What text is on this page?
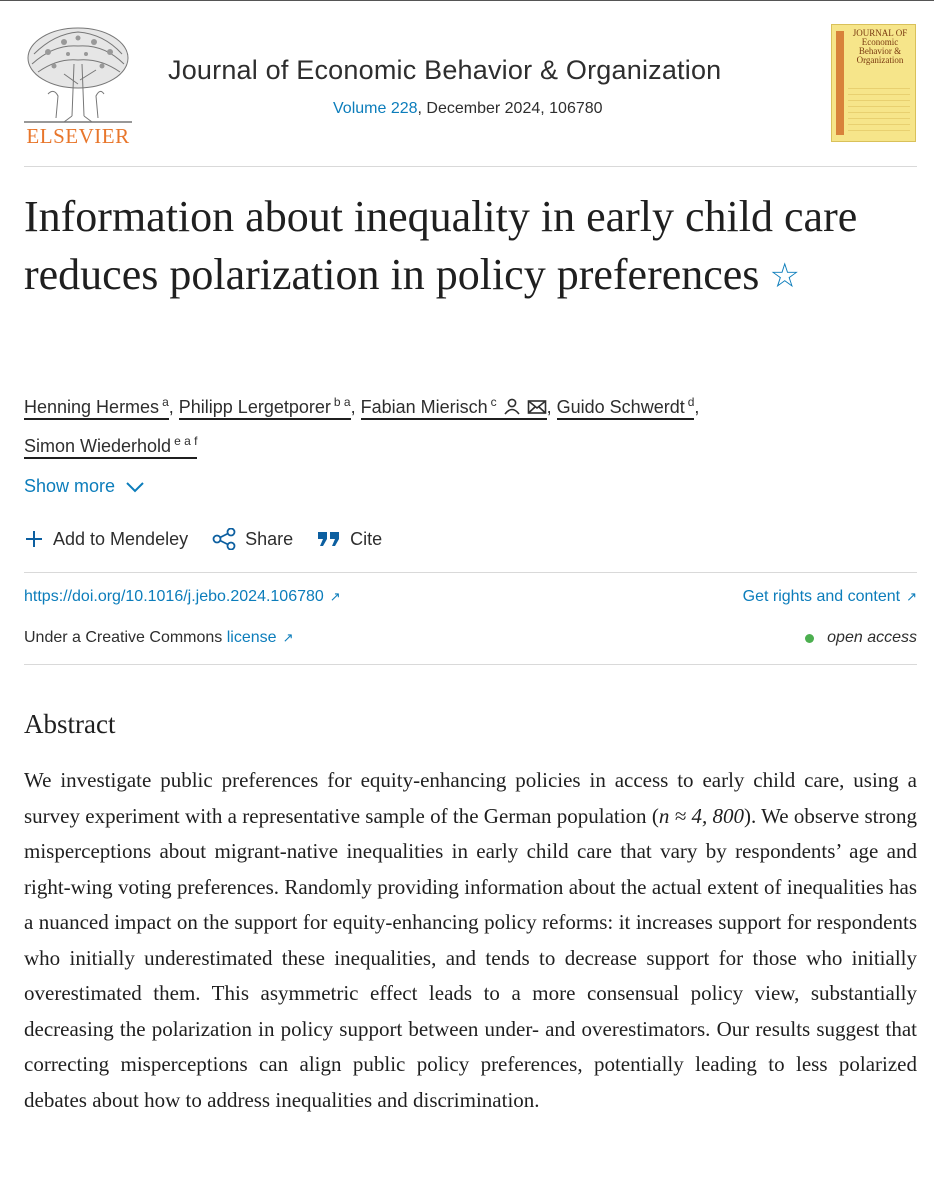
ELSEVIER
Journal of Economic Behavior & Organization
Volume 228, December 2024, 106780
JOURNAL OF Economic Behavior & Organization
Information about inequality in early child care reduces polarization in policy preferences ☆
Henning Hermes $^a$, Philipp Lergetporer $^{b a}$, Fabian Mierisch $^c$	, Guido Schwerdt $^d$,
Simon Wiederhold $^{e a f}$
Show more
Add to Mendeley	Share	Cite
https://doi.org/10.1016/j.jebo.2024.106780 ↗	Get rights and content ↗
Under a Creative Commons license ↗	open access
Abstract

We investigate public preferences for equity-enhancing policies in access to early child care, using a survey experiment with a representative sample of the German population (n ≈ 4, 800). We observe strong misperceptions about migrant-native inequalities in early child care that vary by respondents’ age and right-wing voting preferences. Randomly providing information about the actual extent of inequalities has a nuanced impact on the support for equity-enhancing policy reforms: it increases support for respondents who initially underestimated these inequalities, and tends to decrease support for those who initially overestimated them. This asymmetric effect leads to a more consensual policy view, substantially decreasing the polarization in policy support between under- and overestimators. Our results suggest that correcting misperceptions can align public policy preferences, potentially leading to less polarized debates about how to address inequalities and discrimination.
